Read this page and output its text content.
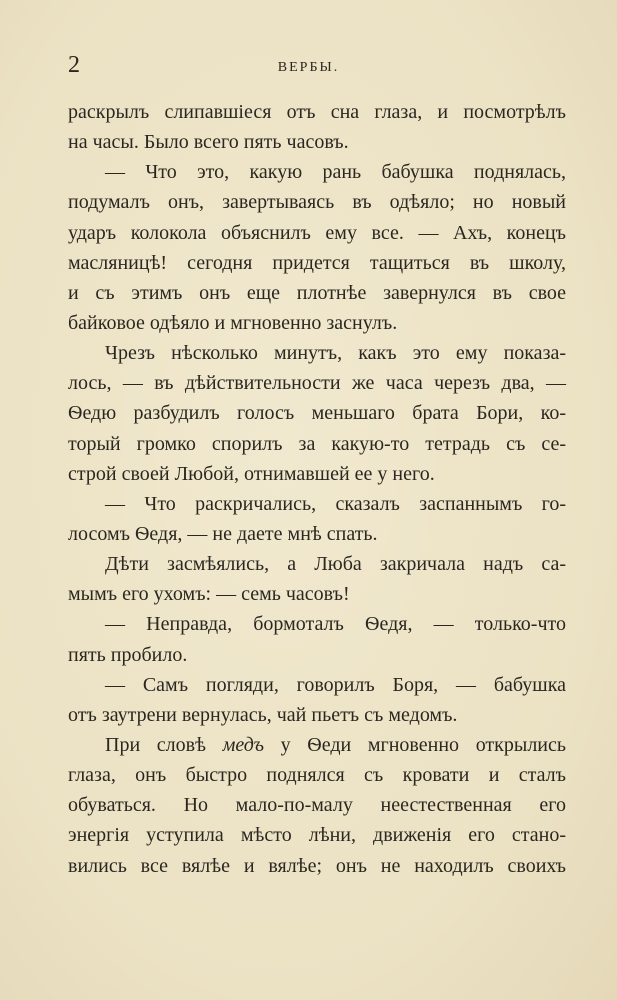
2	ВЕРБЫ.
раскрылъ слипавшіеся отъ сна глаза, и посмотрѣлъ
на часы. Было всего пять часовъ.
— Что это, какую рань бабушка поднялась,
подумалъ онъ, завертываясь въ одѣяло; но новый
ударъ колокола объяснилъ ему все. — Ахъ, конецъ
масляницѣ! сегодня придется тащиться въ школу,
и съ этимъ онъ еще плотнѣе завернулся въ свое
байковое одѣяло и мгновенно заснулъ.
Чрезъ нѣсколько минутъ, какъ это ему показа-
лось, — въ дѣйствительности же часа черезъ два, —
Ѳедю разбудилъ голосъ меньшаго брата Бори, ко-
торый громко спорилъ за какую-то тетрадь съ се-
строй своей Любой, отнимавшей ее у него.
— Что раскричались, сказалъ заспаннымъ го-
лосомъ Ѳедя, — не даете мнѣ спать.
Дѣти засмѣялись, а Люба закричала надъ са-
мымъ его ухомъ: — семь часовъ!
— Неправда, бормоталъ Ѳедя, — только-что
пять пробило.
— Самъ погляди, говорилъ Боря, — бабушка
отъ заутрени вернулась, чай пьетъ съ медомъ.
При словѣ медъ у Ѳеди мгновенно открылись
глаза, онъ быстро поднялся съ кровати и сталъ
обуваться. Но мало-по-малу неестественная его
энергія уступила мѣсто лѣни, движенія его стано-
вились все вялѣе и вялѣе; онъ не находилъ своихъ
